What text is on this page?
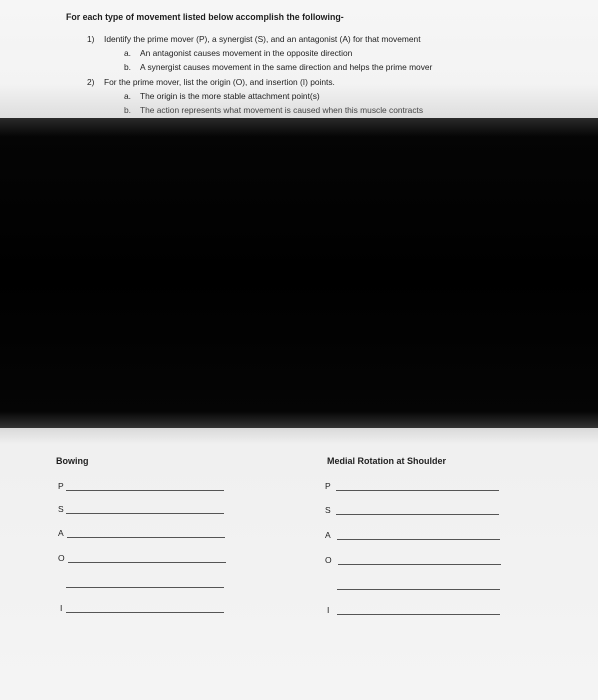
For each type of movement listed below accomplish the following-
1) Identify the prime mover (P), a synergist (S), and an antagonist (A) for that movement
a. An antagonist causes movement in the opposite direction
b. A synergist causes movement in the same direction and helps the prime mover
2) For the prime mover, list the origin (O), and insertion (I) points.
a. The origin is the more stable attachment point(s)
b. The action represents what movement is caused when this muscle contracts
Bowing
P
S
A
O
I
Medial Rotation at Shoulder
P
S
A
O
I
